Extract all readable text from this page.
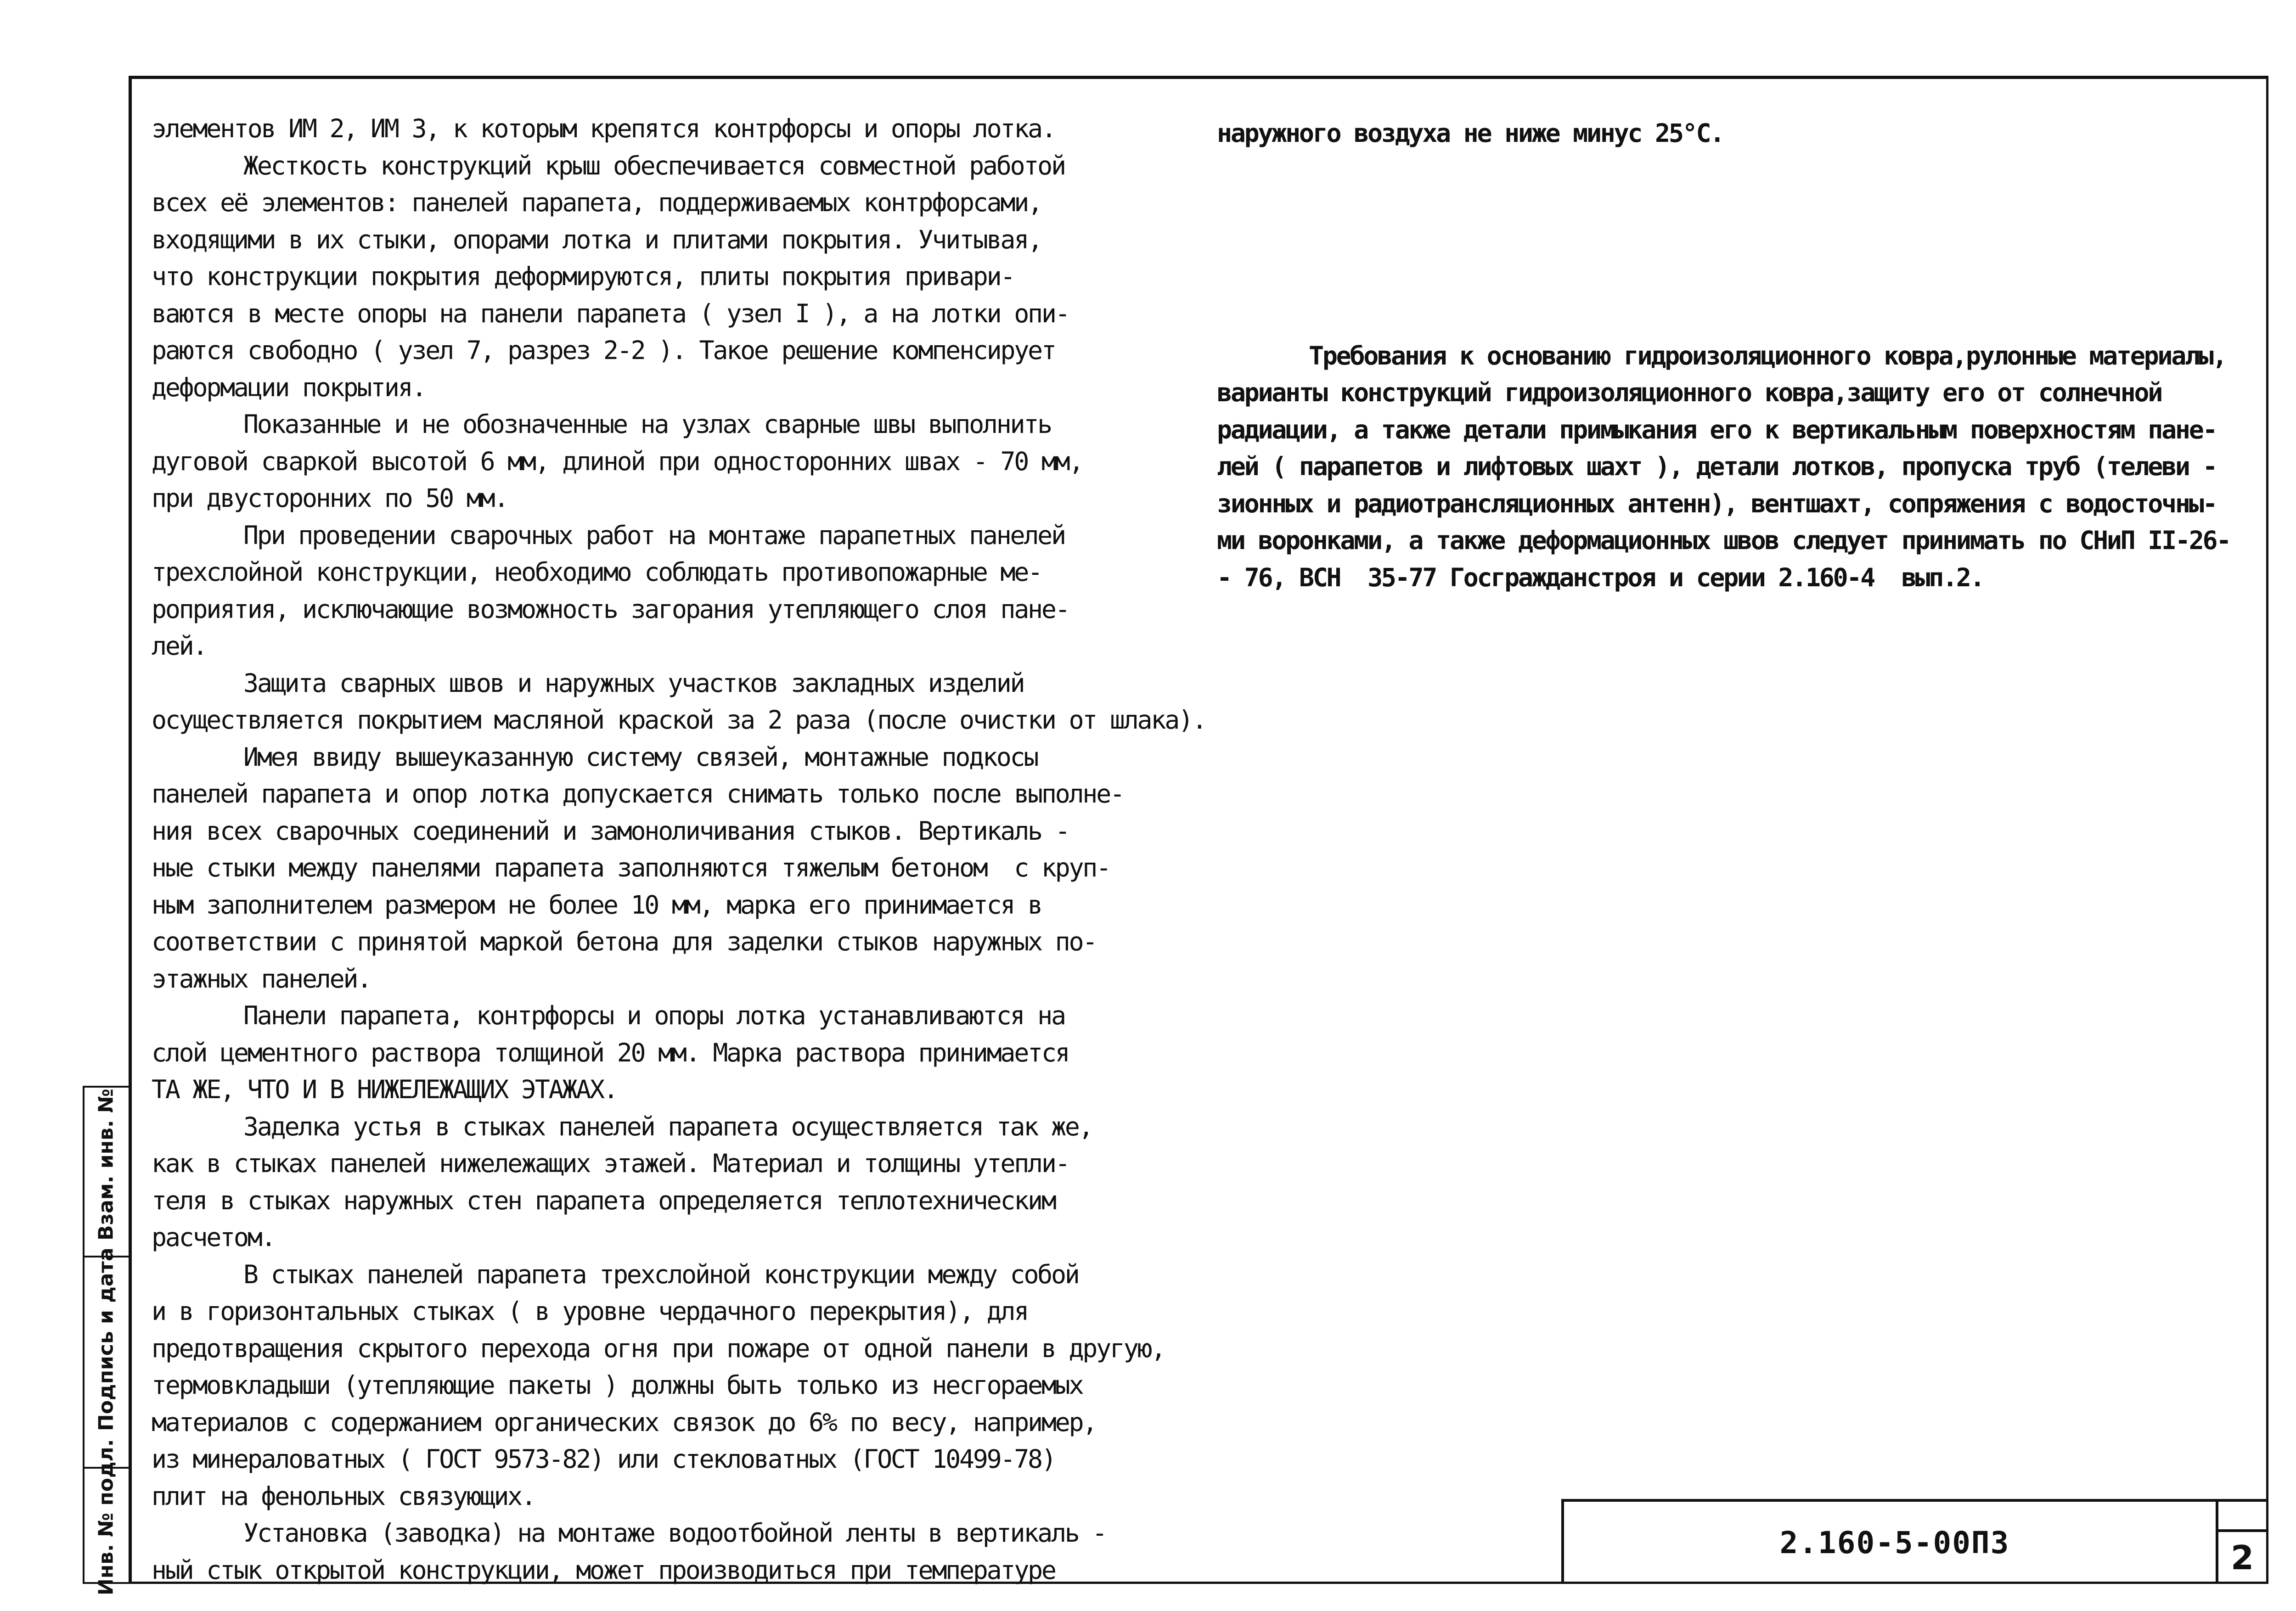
Взам. инв. №
Подпись и дата
Инв. № подл.
элементов ИМ 2, ИМ 3, к которым крепятся контрфорсы и опоры лотка.
Жесткость конструкций крыш обеспечивается совместной работой
всех её элементов: панелей парапета, поддерживаемых контрфорсами,
входящими в их стыки, опорами лотка и плитами покрытия. Учитывая,
что конструкции покрытия деформируются, плиты покрытия привари-
ваются в месте опоры на панели парапета ( узел I ), а на лотки опи-
раются свободно ( узел 7, разрез 2-2 ). Такое решение компенсирует
деформации покрытия.
Показанные и не обозначенные на узлах сварные швы выполнить
дуговой сваркой высотой 6 мм, длиной при односторонних швах - 70 мм,
при двусторонних по 50 мм.
При проведении сварочных работ на монтаже парапетных панелей
трехслойной конструкции, необходимо соблюдать противопожарные ме-
роприятия, исключающие возможность загорания утепляющего слоя пане-
лей.
Защита сварных швов и наружных участков закладных изделий
осуществляется покрытием масляной краской за 2 раза (после очистки от шлака).
Имея ввиду вышеуказанную систему связей, монтажные подкосы
панелей парапета и опор лотка допускается снимать только после выполне-
ния всех сварочных соединений и замоноличивания стыков. Вертикаль -
ные стыки между панелями парапета заполняются тяжелым бетоном  с круп-
ным заполнителем размером не более 10 мм, марка его принимается в
соответствии с принятой маркой бетона для заделки стыков наружных по-
этажных панелей.
Панели парапета, контрфорсы и опоры лотка устанавливаются на
слой цементного раствора толщиной 20 мм. Марка раствора принимается
ТА ЖЕ, ЧТО И В НИЖЕЛЕЖАЩИХ ЭТАЖАХ.
Заделка устья в стыках панелей парапета осуществляется так же,
как в стыках панелей нижележащих этажей. Материал и толщины утепли-
теля в стыках наружных стен парапета определяется теплотехническим
расчетом.
В стыках панелей парапета трехслойной конструкции между собой
и в горизонтальных стыках ( в уровне чердачного перекрытия), для
предотвращения скрытого перехода огня при пожаре от одной панели в другую,
термовкладыши (утепляющие пакеты ) должны быть только из несгораемых
материалов с содержанием органических связок до 6% по весу, например,
из минераловатных ( ГОСТ 9573-82) или стекловатных (ГОСТ 10499-78)
плит на фенольных связующих.
Установка (заводка) на монтаже водоотбойной ленты в вертикаль -
ный стык открытой конструкции, может производиться при температуре
наружного воздуха не ниже минус 25°С.
Требования к основанию гидроизоляционного ковра,рулонные материалы,
варианты конструкций гидроизоляционного ковра,защиту его от солнечной
радиации, а также детали примыкания его к вертикальным поверхностям пане-
лей ( парапетов и лифтовых шахт ), детали лотков, пропуска труб (телеви -
зионных и радиотрансляционных антенн), вентшахт, сопряжения с водосточны-
ми воронками, а также деформационных швов следует принимать по СНиП II-26-
- 76, ВСН  35-77 Госгражданстроя и серии 2.160-4  вып.2.
2.160-5-00ПЗ	2
